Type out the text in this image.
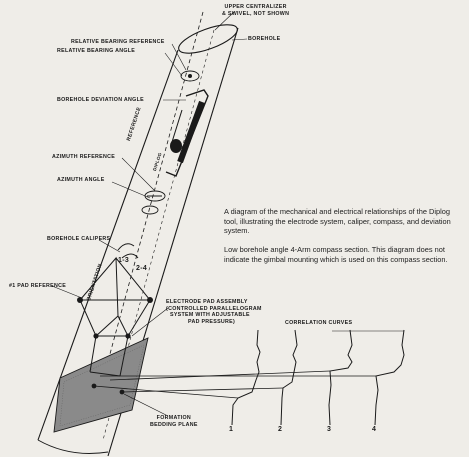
UPPER CENTRALIZER
& SWIVEL, NOT SHOWN
BOREHOLE
RELATIVE BEARING REFERENCE
RELATIVE BEARING ANGLE
BOREHOLE DEVIATION ANGLE
AZIMUTH REFERENCE
AZIMUTH ANGLE
BOREHOLE CALIPERS
#1 PAD REFERENCE
ELECTRODE PAD ASSEMBLY
(CONTROLLED PARALLELOGRAM
SYSTEM WITH ADJUSTABLE
PAD PRESSURE)	CORRELATION CURVES
FORMATION
BEDDING PLANE
REFERENCE
ORIENTATION
DIPLOG
1-3
2-4

A diagram of the mechanical and electrical relationships of the Diplog tool, illustrating the electrode system, caliper, compass, and deviation system.

Low borehole angle 4-Arm compass section. This diagram does not indicate the gimbal mounting which is used on this compass section.

1	2	3	4
